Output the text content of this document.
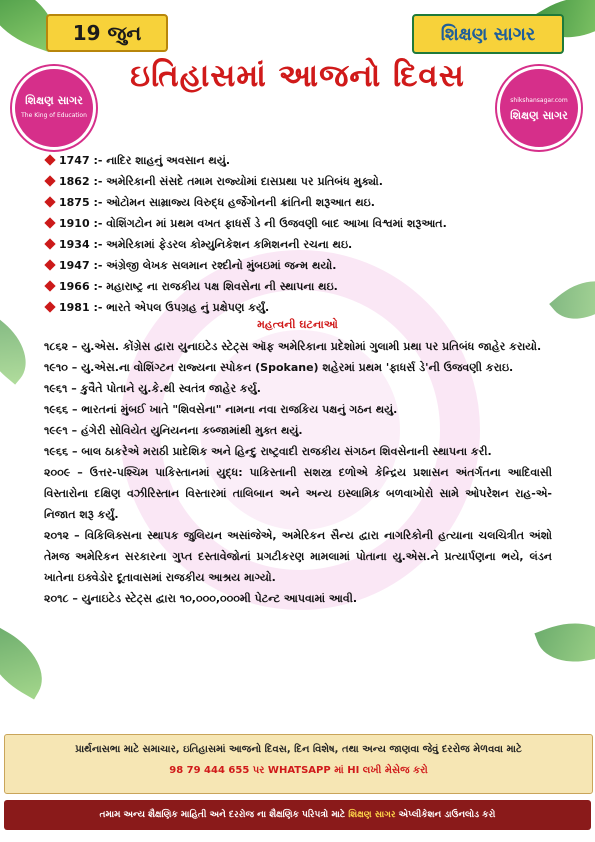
19 જુન	શિક્ષણ સાગર
શિક્ષણ સાગર
The King of Education
ઇતિહાસમાં આજનો દિવસ
shikshansagar.com
શિક્ષણ સાગર
1747 :- નાદિર શાહનું અવસાન થયું.
1862 :- અમેરિકાની સંસદે તમામ રાજ્યોમાં દાસપ્રથા પર પ્રતિબંધ મુક્યો.
1875 :- ઓટોમન સામ્રાજ્ય વિરુદ્ધ હર્જેગોનની ક્રાંતિની શરૂઆત થઇ.
1910 :- વોશિંગટોન માં પ્રથમ વખત ફાધર્સ ડે ની ઉજવણી બાદ આખા વિશ્વમાં શરૂઆત.
1934 :- અમેરિકામાં ફેડરલ કોમ્યુનિકેશન કમિશનની રચના થઇ.
1947 :- અંગ્રેજી લેખક સલમાન રશ્દીનો મુંબઇમાં જન્મ થયો.
1966 :- મહારાષ્ટ્ર ના રાજકીય પક્ષ શિવસેના ની સ્થાપના થઇ.
1981 :- ભારતે એપલ ઉપગ્રહ નું પ્રક્ષેપણ કર્યું.
મહત્વની ઘટનાઓ

૧૮૬૨ – યુ.એસ. કોંગ્રેસ દ્વારા યુનાઇટેડ સ્ટેટ્સ ઑફ અમેરિકાના પ્રદેશોમાં ગુલામી પ્રથા પર પ્રતિબંધ જાહેર કરાયો.

૧૯૧૦ – યુ.એસ.ના વોશિંગ્ટન રાજ્યના સ્પોકન (Spokane) શહેરમાં પ્રથમ 'ફાધર્સ ડે'ની ઉજવણી કરાઇ.

૧૯૬૧ – કુવૈતે પોતાને યુ.કે.થી સ્વતંત્ર જાહેર કર્યુ.

૧૯૬૬ – ભારતનાં મુંબઈ ખાતે "શિવસેના" નામના નવા રાજકિય પક્ષનું ગઠન થયું.

૧૯૯૧ – હંગેરી સોવિયેત યુનિયનના કબ્જામાંથી મુક્ત થયું.

૧૯૬૬ – બાલ ઠાકરેએ મરાઠી પ્રાદેશિક અને હિન્દુ રાષ્ટ્રવાદી રાજકીય સંગઠન શિવસેનાની સ્થાપના કરી.

૨૦૦૯ – ઉત્તર-પશ્ચિમ પાકિસ્તાનમાં યુદ્ધ: પાકિસ્તાની સશસ્ત્ર દળોએ કેન્દ્રિય પ્રશાસન અંતર્ગતના આદિવાસી વિસ્તારોના દક્ષિણ વઝીરિસ્તાન વિસ્તારમાં તાલિબાન અને અન્ય ઇસ્લામિક બળવાખોરો સામે ઓપરેશન રાહ-એ-નિજાત શરૂ કર્યું.

૨૦૧૨ – વિકિલિક્સના સ્થાપક જુલિયન અસાંજેએ, અમેરિકન સૈન્ય દ્વારા નાગરિકોની હત્યાના ચલચિત્રીત અંશો તેમજ અમેરિકન સરકારના ગુપ્ત દસ્તાવેજોનાં પ્રગટીકરણ મામલામાં પોતાના યુ.એસ.ને પ્રત્યાર્પણના ભયે, લંડન ખાતેના ઇક્વેડોર દૂતાવાસમાં રાજકીય આશ્રય માગ્યો.

૨૦૧૮ – યુનાઇટેડ સ્ટેટ્સ દ્વારા ૧૦,૦૦૦,૦૦૦મી પેટન્ટ આપવામાં આવી.

પ્રાર્થનાસભા માટે સમાચાર, ઇતિહાસમાં આજનો દિવસ, દિન વિશેષ, તથા અન્ય જાણવા જેવું દરરોજ મેળવવા માટે
98 79 444 655 પર WHATSAPP માં HI લખી મેસેજ કરો
તમામ અન્ય શૈક્ષણિક માહિતી અને દરરોજ ના શૈક્ષણિક પરિપત્રો માટે
શિક્ષણ સાગર
એપ્લીકેશન ડાઉનલોડ કરો
